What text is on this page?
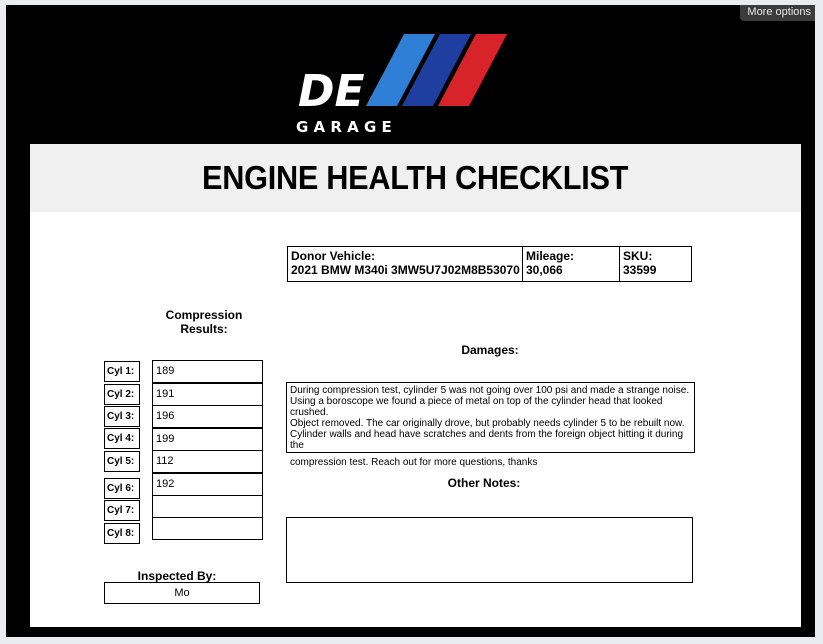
More options
DE
G A R A G E
ENGINE HEALTH CHECKLIST
Donor Vehicle:
2021 BMW M340i 3MW5U7J02M8B53070
Mileage:
30,066
SKU:
33599
Compression
Results:
Cyl 1:	189
Cyl 2:	191
Cyl 3:	196
Cyl 4:	199
Cyl 5:	112
Cyl 6:	192
Cyl 7:
Cyl 8:
Damages:
During compression test, cylinder 5 was not going over 100 psi and made a strange noise.
Using a boroscope we found a piece of metal on top of the cylinder head that looked crushed.
Object removed. The car originally drove, but probably needs cylinder 5 to be rebuilt now.
Cylinder walls and head have scratches and dents from the foreign object hitting it during the
compression test. Reach out for more questions, thanks
Other Notes:
Inspected By:
Mo
